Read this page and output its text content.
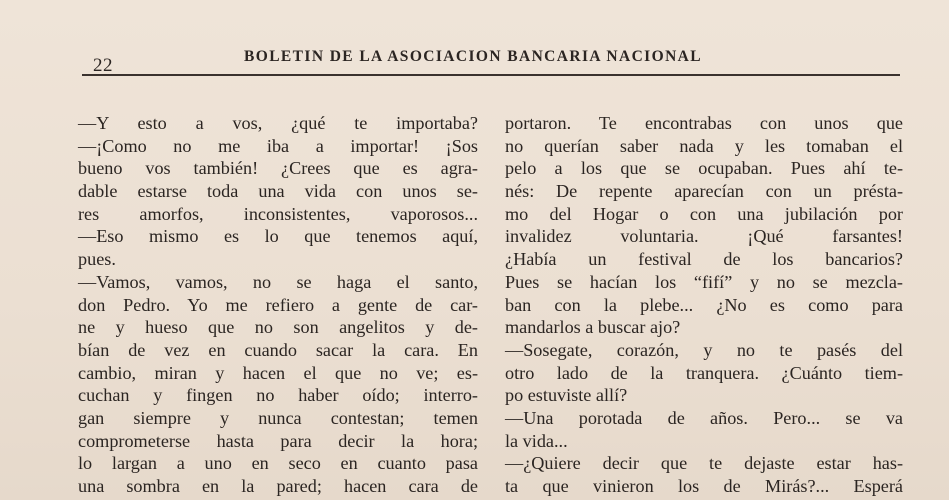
22	BOLETIN DE LA ASOCIACION BANCARIA NACIONAL
—Y esto a vos, ¿qué te importaba?
—¡Como no me iba a importar! ¡Sos
bueno vos también! ¿Crees que es agra-
dable estarse toda una vida con unos se-
res amorfos, inconsistentes, vaporosos...
—Eso mismo es lo que tenemos aquí,
pues.
—Vamos, vamos, no se haga el santo,
don Pedro. Yo me refiero a gente de car-
ne y hueso que no son angelitos y de-
bían de vez en cuando sacar la cara. En
cambio, miran y hacen el que no ve; es-
cuchan y fingen no haber oído; interro-
gan siempre y nunca contestan; temen
comprometerse hasta para decir la hora;
lo largan a uno en seco en cuanto pasa
una sombra en la pared; hacen cara de
portaron. Te encontrabas con unos que
no querían saber nada y les tomaban el
pelo a los que se ocupaban. Pues ahí te-
nés: De repente aparecían con un présta-
mo del Hogar o con una jubilación por
invalidez voluntaria. ¡Qué farsantes!
¿Había un festival de los bancarios?
Pues se hacían los “fifí” y no se mezcla-
ban con la plebe... ¿No es como para
mandarlos a buscar ajo?
—Sosegate, corazón, y no te pasés del
otro lado de la tranquera. ¿Cuánto tiem-
po estuviste allí?
—Una porotada de años. Pero... se va
la vida...
—¿Quiere decir que te dejaste estar has-
ta que vinieron los de Mirás?... Esperá
